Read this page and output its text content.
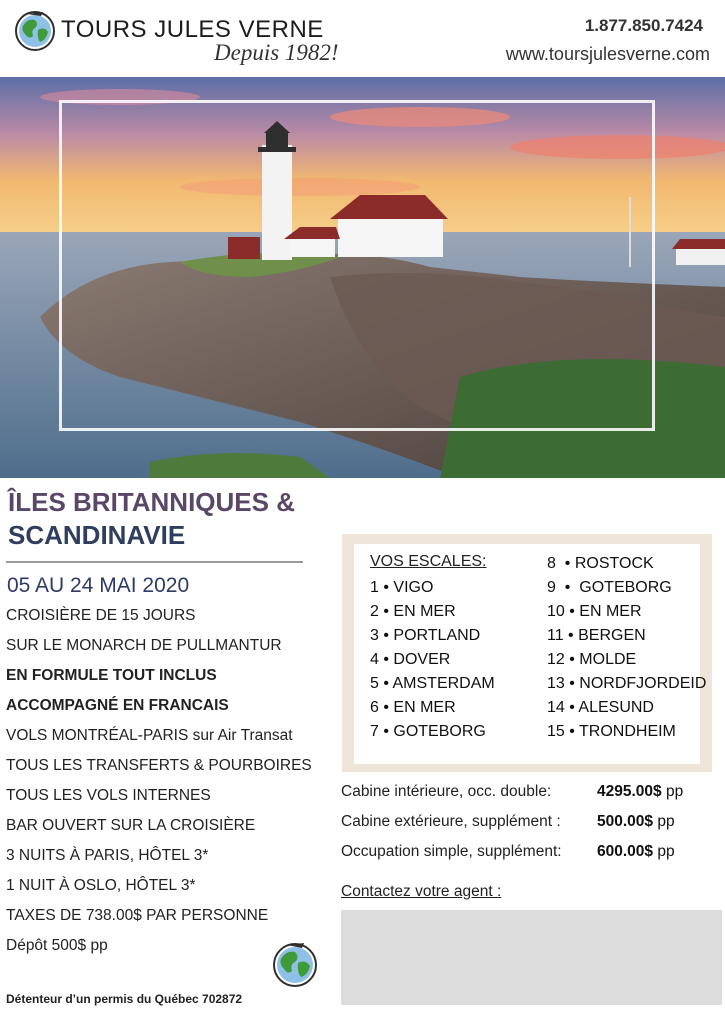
TOURS JULES VERNE
Depuis 1982!
1.877.850.7424
www.toursjulesverne.com
ÎLES BRITANNIQUES &
SCANDINAVIE
05 AU 24 MAI 2020
CROISIÈRE DE 15 JOURS
SUR LE MONARCH DE PULLMANTUR
EN FORMULE TOUT INCLUS
ACCOMPAGNÉ EN FRANCAIS
VOLS MONTRÉAL-PARIS sur Air Transat
TOUS LES TRANSFERTS & POURBOIRES
TOUS LES VOLS INTERNES
BAR OUVERT SUR LA CROISIÈRE
3 NUITS À PARIS, HÔTEL 3*
1 NUIT À OSLO, HÔTEL 3*
TAXES DE 738.00$ PAR PERSONNE
Dépôt 500$ pp
Détenteur d’un permis du Québec 702872
VOS ESCALES:
1 • VIGO
2 • EN MER
3 • PORTLAND
4 • DOVER
5 • AMSTERDAM
6 • EN MER
7 • GOTEBORG
8  • ROSTOCK
9  •  GOTEBORG
10 • EN MER
11 • BERGEN
12 • MOLDE
13 • NORDFJORDEID
14 • ALESUND
15 • TRONDHEIM
Cabine intérieure, occ. double:	4295.00$ pp
Cabine extérieure, supplément : 500.00$ pp
Occupation simple, supplément: 600.00$ pp
Contactez votre agent :
